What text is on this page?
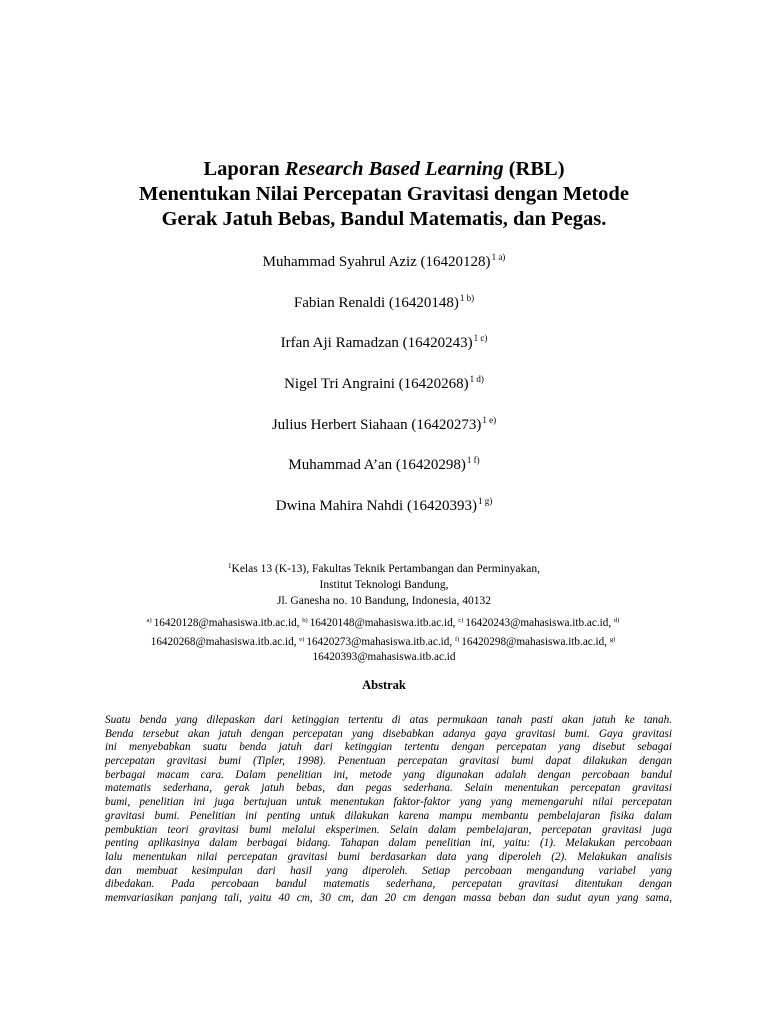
Laporan Research Based Learning (RBL)
Menentukan Nilai Percepatan Gravitasi dengan Metode
Gerak Jatuh Bebas, Bandul Matematis, dan Pegas.
Muhammad Syahrul Aziz $(16420128)^{1 a)}$
Fabian Renaldi $(16420148)^{1 b)}$
Irfan Aji Ramadzan $(16420243)^{1 c)}$
Nigel Tri Angraini $(16420268)^{1 d)}$
Julius Herbert Siahaan $(16420273)^{1 e)}$
Muhammad A’an $(16420298)^{1 f)}$
Dwina Mahira Nahdi $(16420393)^{1 g)}$
$^1$Kelas 13 (K-13), Fakultas Teknik Pertambangan dan Perminyakan,
Institut Teknologi Bandung,
Jl. Ganesha no. 10 Bandung, Indonesia, 40132
$^{a)}$ 16420128@mahasiswa.itb.ac.id, $^{b)}$ 16420148@mahasiswa.itb.ac.id, $^{c)}$ 16420243@mahasiswa.itb.ac.id, $^{d)}$
16420268@mahasiswa.itb.ac.id, $^{e)}$ 16420273@mahasiswa.itb.ac.id, $^{f)}$ 16420298@mahasiswa.itb.ac.id, $^{g)}$
16420393@mahasiswa.itb.ac.id
Abstrak
Suatu benda yang dilepaskan dari ketinggian tertentu di atas permukaan tanah pasti akan jatuh ke tanah.
Benda tersebut akan jatuh dengan percepatan yang disebabkan adanya gaya gravitasi bumi. Gaya gravitasi
ini menyebabkan suatu benda jatuh dari ketinggian tertentu dengan percepatan yang disebut sebagai
percepatan gravitasi bumi (Tipler, 1998). Penentuan percepatan gravitasi bumi dapat dilakukan dengan
berbagai macam cara. Dalam penelitian ini, metode yang digunakan adalah dengan percobaan bandul
matematis sederhana, gerak jatuh bebas, dan pegas sederhana. Selain menentukan percepatan gravitasi
bumi, penelitian ini juga bertujuan untuk menentukan faktor-faktor yang yang memengaruhi nilai percepatan
gravitasi bumi. Penelitian ini penting untuk dilakukan karena mampu membantu pembelajaran fisika dalam
pembuktian teori gravitasi bumi melalui eksperimen. Selain dalam pembelajaran, percepatan gravitasi juga
penting aplikasinya dalam berbagai bidang. Tahapan dalam penelitian ini, yaitu: (1). Melakukan percobaan
lalu menentukan nilai percepatan gravitasi bumi berdasarkan data yang diperoleh (2). Melakukan analisis
dan membuat kesimpulan dari hasil yang diperoleh. Setiap percobaan mengandung variabel yang
dibedakan. Pada percobaan bandul matematis sederhana, percepatan gravitasi ditentukan dengan
memvariasikan panjang tali, yaitu 40 cm, 30 cm, dan 20 cm dengan massa beban dan sudut ayun yang sama,
